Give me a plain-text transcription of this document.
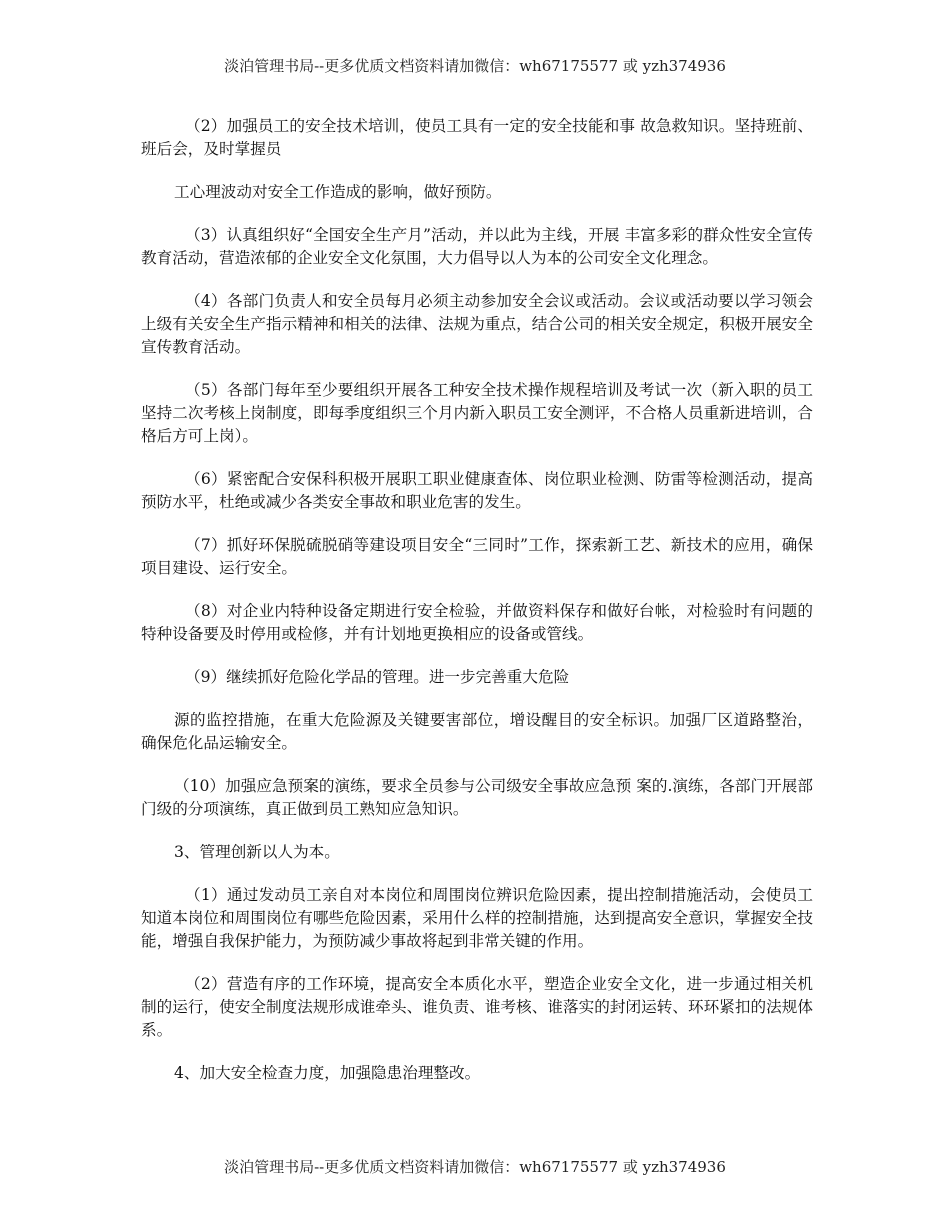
淡泊管理书局--更多优质文档资料请加微信：wh67175577 或 yzh374936

（2）加强员工的安全技术培训，使员工具有一定的安全技能和事 故急救知识。坚持班前、班后会，及时掌握员

工心理波动对安全工作造成的影响，做好预防。

（3）认真组织好“全国安全生产月”活动，并以此为主线，开展 丰富多彩的群众性安全宣传教育活动，营造浓郁的企业安全文化氛围，大力倡导以人为本的公司安全文化理念。

（4）各部门负责人和安全员每月必须主动参加安全会议或活动。会议或活动要以学习领会上级有关安全生产指示精神和相关的法律、法规为重点，结合公司的相关安全规定，积极开展安全宣传教育活动。

（5）各部门每年至少要组织开展各工种安全技术操作规程培训及考试一次（新入职的员工坚持二次考核上岗制度，即每季度组织三个月内新入职员工安全测评，不合格人员重新进培训，合格后方可上岗）。

（6）紧密配合安保科积极开展职工职业健康查体、岗位职业检测、防雷等检测活动，提高预防水平，杜绝或减少各类安全事故和职业危害的发生。

（7）抓好环保脱硫脱硝等建设项目安全“三同时”工作，探索新工艺、新技术的应用，确保项目建设、运行安全。

（8）对企业内特种设备定期进行安全检验，并做资料保存和做好台帐，对检验时有问题的特种设备要及时停用或检修，并有计划地更换相应的设备或管线。

（9）继续抓好危险化学品的管理。进一步完善重大危险

源的监控措施，在重大危险源及关键要害部位，增设醒目的安全标识。加强厂区道路整治，确保危化品运输安全。

（10）加强应急预案的演练，要求全员参与公司级安全事故应急预 案的.演练，各部门开展部门级的分项演练，真正做到员工熟知应急知识。

3、管理创新以人为本。

（1）通过发动员工亲自对本岗位和周围岗位辨识危险因素，提出控制措施活动，会使员工知道本岗位和周围岗位有哪些危险因素，采用什么样的控制措施，达到提高安全意识，掌握安全技能，增强自我保护能力，为预防减少事故将起到非常关键的作用。

（2）营造有序的工作环境，提高安全本质化水平，塑造企业安全文化，进一步通过相关机制的运行，使安全制度法规形成谁牵头、谁负责、谁考核、谁落实的封闭运转、环环紧扣的法规体系。

4、加大安全检查力度，加强隐患治理整改。

淡泊管理书局--更多优质文档资料请加微信：wh67175577 或 yzh374936
